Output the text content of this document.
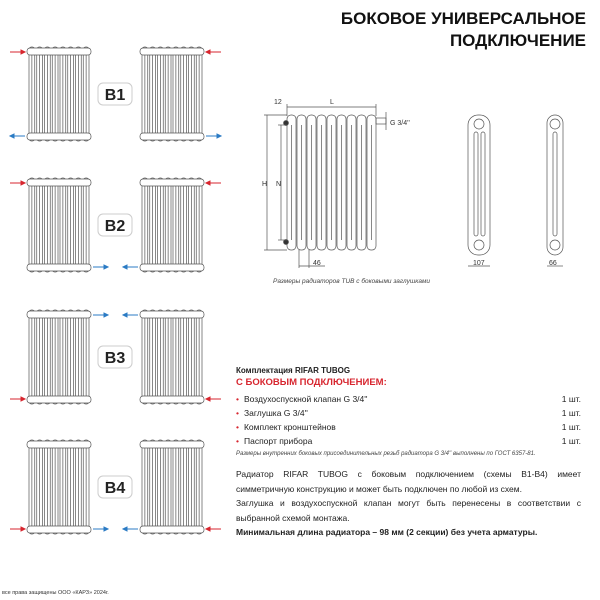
B1
B2
B3
B4
БОКОВОЕ УНИВЕРСАЛЬНОЕ
ПОДКЛЮЧЕНИЕ
12	L
H N
46
G 3/4''
107	66
Размеры радиаторов TUB с боковыми заглушками
Комплектация RIFAR TUBOG
С БОКОВЫМ ПОДКЛЮЧЕНИЕМ:
• Воздухоспускной клапан G 3/4''	1 шт.
• Заглушка G 3/4''	1 шт.
• Комплект кронштейнов	1 шт.
• Паспорт прибора	1 шт.
Размеры внутренних боковых присоединительных резьб радиатора G 3/4'' выполнены по ГОСТ 6357-81.
Радиатор RIFAR TUBOG с боковым подключением (схемы B1-B4) имеет симметричную конструкцию и может быть подключен по любой из схем.
Заглушка и воздухоспускной клапан могут быть перенесены в соответствии с выбранной схемой монтажа.
Минимальная длина радиатора – 98 мм (2 секции) без учета арматуры.
все права защищены ООО «КАРЗ» 2024г.
